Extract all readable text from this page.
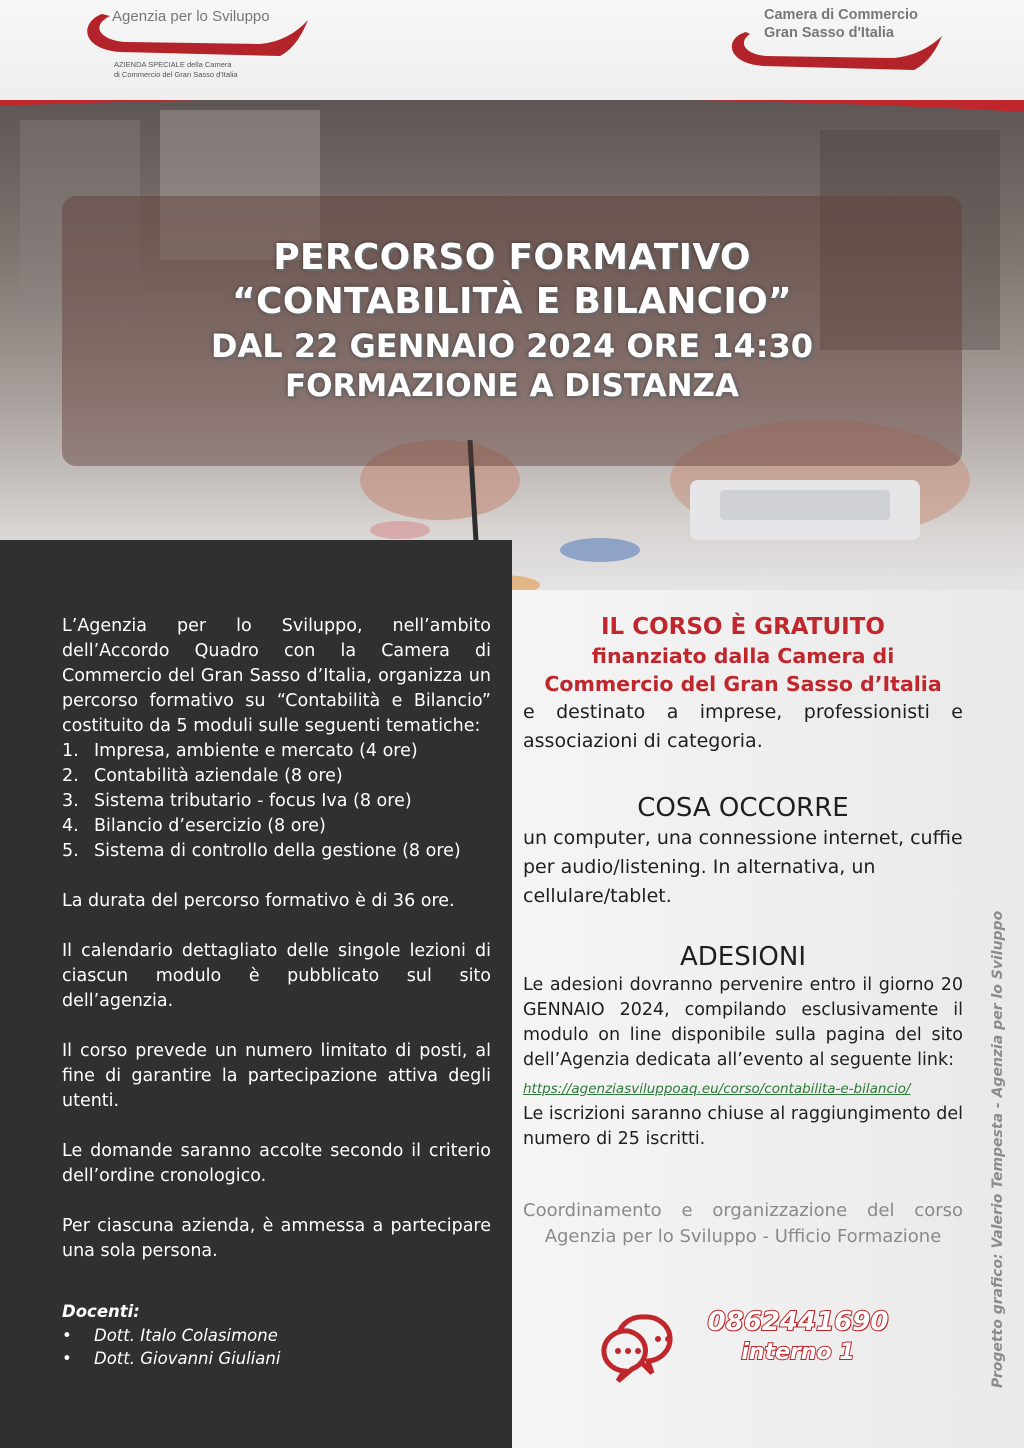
Agenzia per lo Sviluppo
AZIENDA SPECIALE della Camera
di Commercio del Gran Sasso d'Italia
Camera di Commercio
Gran Sasso d'Italia
PERCORSO FORMATIVO
“CONTABILITÀ E BILANCIO”
DAL 22 GENNAIO 2024 ORE 14:30
FORMAZIONE A DISTANZA

L’Agenzia per lo Sviluppo, nell’ambito dell’Accordo Quadro con la Camera di Commercio del Gran Sasso d’Italia, organizza un percorso formativo su “Contabilità e Bilancio” costituito da 5 moduli sulle seguenti tematiche:

1. Impresa, ambiente e mercato (4 ore)
2. Contabilità aziendale (8 ore)
3. Sistema tributario - focus Iva (8 ore)
4. Bilancio d’esercizio (8 ore)
5. Sistema di controllo della gestione (8 ore)

La durata del percorso formativo è di 36 ore.

Il calendario dettagliato delle singole lezioni di ciascun modulo è pubblicato sul sito dell’agenzia.

Il corso prevede un numero limitato di posti, al fine di garantire la partecipazione attiva degli utenti.

Le domande saranno accolte secondo il criterio dell’ordine cronologico.

Per ciascuna azienda, è ammessa a partecipare una sola persona.

Docenti:
•	Dott. Italo Colasimone
•	Dott. Giovanni Giuliani
IL CORSO È GRATUITO
finanziato dalla Camera di
Commercio del Gran Sasso d’Italia

e destinato a imprese, professionisti e associazioni di categoria.

COSA OCCORRE

un computer, una connessione internet, cuffie per audio/listening. In alternativa, un cellulare/tablet.

ADESIONI

Le adesioni dovranno pervenire entro il giorno 20 GENNAIO 2024, compilando esclusivamente il modulo on line disponibile sulla pagina del sito dell’Agenzia dedicata all’evento al seguente link:

https://agenziasviluppoaq.eu/corso/contabilita-e-bilancio/

Le iscrizioni saranno chiuse al raggiungimento del numero di 25 iscritti.

Coordinamento e organizzazione del corso
Agenzia per lo Sviluppo - Ufficio Formazione
0862441690
interno 1	Progetto grafico: Valerio Tempesta - Agenzia per lo Sviluppo
